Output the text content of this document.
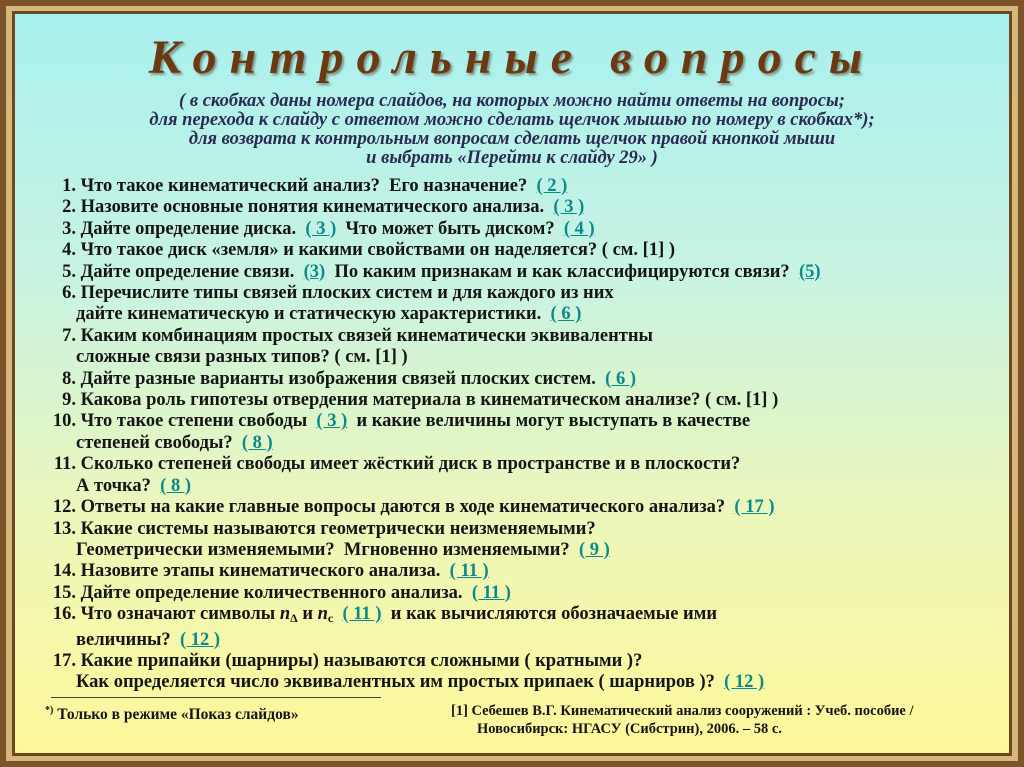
Контрольные вопросы
( в скобках даны номера слайдов, на которых можно найти ответы на вопросы;
для перехода к слайду с ответом можно сделать щелчок мышью по номеру в скобках*);
для возврата к контрольным вопросам сделать щелчок правой кнопкой мыши
и выбрать «Перейти к слайду 29» )
1. Что такое кинематический анализ?  Его назначение?  ( 2 )
2. Назовите основные понятия кинематического анализа.  ( 3 )
3. Дайте определение диска.  ( 3 )  Что может быть диском?  ( 4 )
4. Что такое диск «земля» и какими свойствами он наделяется? ( см. [1] )
5. Дайте определение связи.  (3)  По каким признакам и как классифицируются связи?  (5)
6. Перечислите типы связей плоских систем и для каждого из них
дайте кинематическую и статическую характеристики.  ( 6 )
7. Каким комбинациям простых связей кинематически эквивалентны
сложные связи разных типов? ( см. [1] )
8. Дайте разные варианты изображения связей плоских систем.  ( 6 )
9. Какова роль гипотезы отвердения материала в кинематическом анализе? ( см. [1] )
10. Что такое степени свободы  ( 3 )  и какие величины могут выступать в качестве
степеней свободы?  ( 8 )
11. Сколько степеней свободы имеет жёсткий диск в пространстве и в плоскости?
А точка?  ( 8 )
12. Ответы на какие главные вопросы даются в ходе кинематического анализа?  ( 17 )
13. Какие системы называются геометрически неизменяемыми?
Геометрически изменяемыми?  Мгновенно изменяемыми?  ( 9 )
14. Назовите этапы кинематического анализа.  ( 11 )
15. Дайте определение количественного анализа.  ( 11 )
16. Что означают символы $n_\Delta$ и $n_c$ ( 11 )  и как вычисляются обозначаемые ими
величины?  ( 12 )
17. Какие припайки (шарниры) называются сложными ( кратными )?
Как определяется число эквивалентных им простых припаек ( шарниров )?  ( 12 )
*) Только в режиме «Показ слайдов»	[1] Себешев В.Г. Кинематический анализ сооружений : Учеб. пособие /
Новосибирск: НГАСУ (Сибстрин), 2006. – 58 с.
